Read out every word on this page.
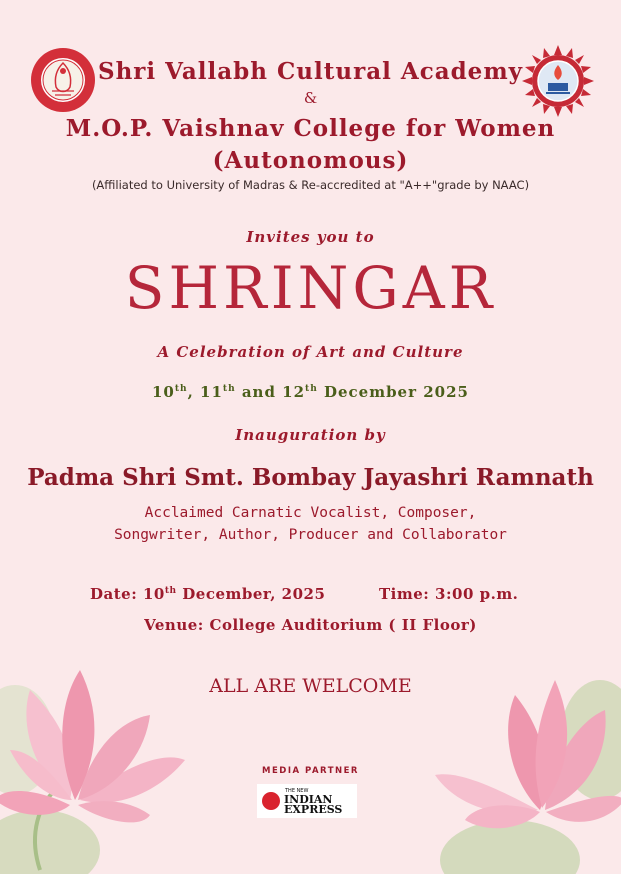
Shri Vallabh Cultural Academy
&
M.O.P. Vaishnav College for Women
(Autonomous)
(Affiliated to University of Madras & Re-accredited at "A++"grade by NAAC)
Invites you to
SHRINGAR
A Celebration of Art and Culture
10th, 11th and 12th December 2025
Inauguration by
Padma Shri Smt. Bombay Jayashri Ramnath
Acclaimed Carnatic Vocalist, Composer,
Songwriter, Author, Producer and Collaborator
Date: 10th December, 2025	Time: 3:00 p.m.
Venue: College Auditorium ( II Floor)
ALL ARE WELCOME
MEDIA PARTNER
THE NEW
INDIAN
EXPRESS
